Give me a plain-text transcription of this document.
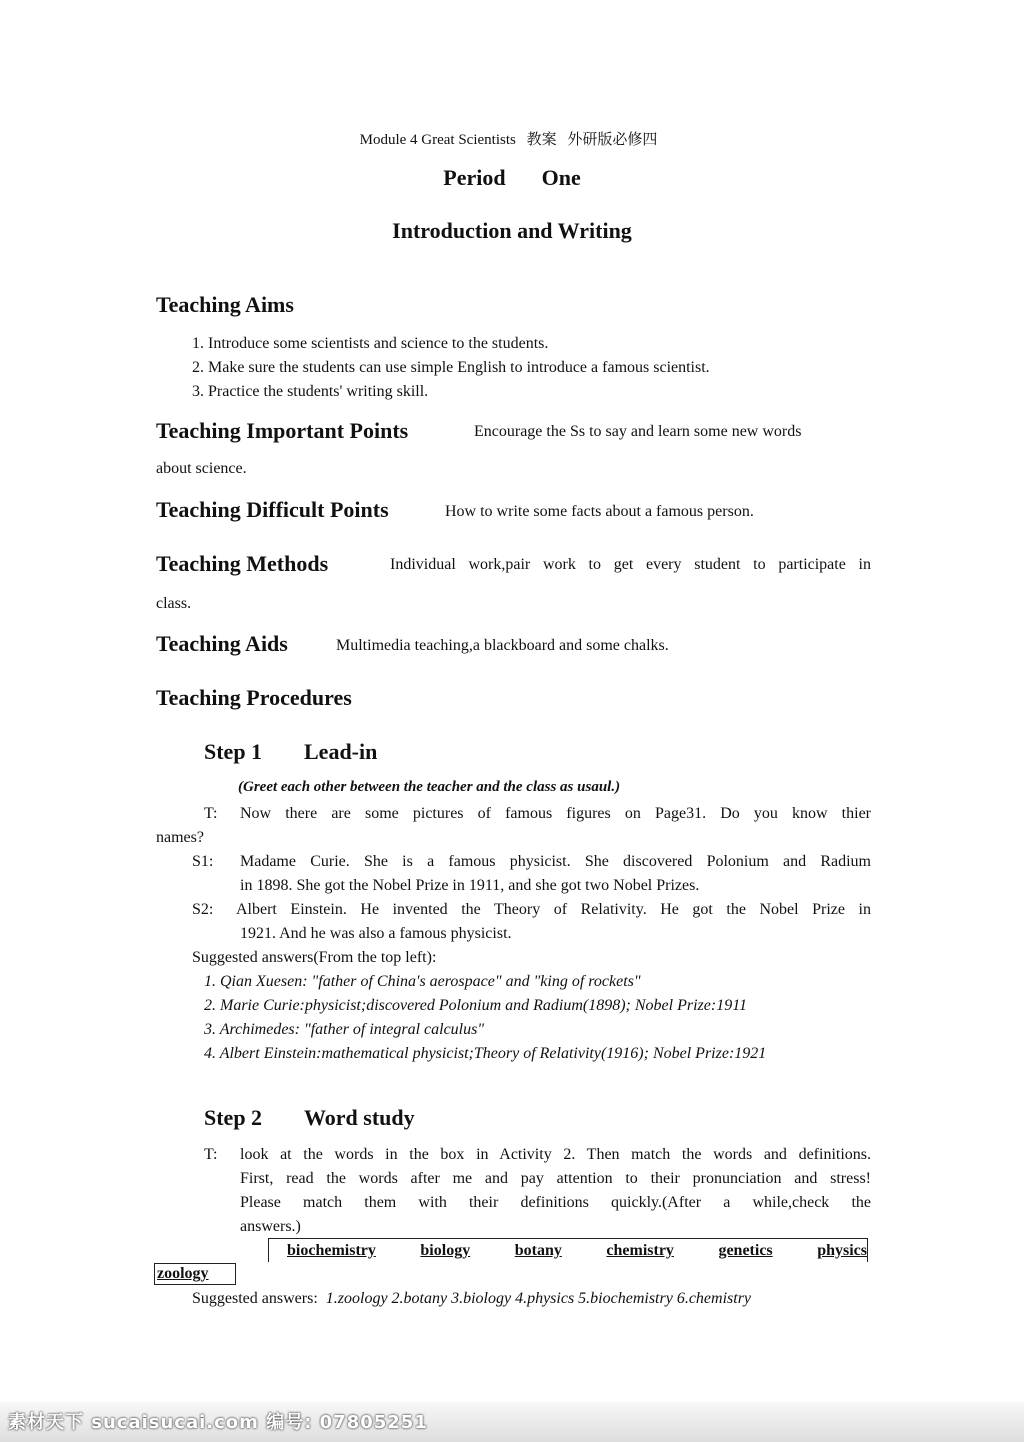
Module 4 Great Scientists 教案 外研版必修四
Period One
Introduction and Writing
Teaching Aims
1. Introduce some scientists and science to the students.
2. Make sure the students can use simple English to introduce a famous scientist.
3. Practice the students' writing skill.
Teaching Important Points	Encourage the Ss to say and learn some new words
about science.
Teaching Difficult Points	How to write some facts about a famous person.
Teaching Methods	Individual work,pair work to get every student to participate in
class.
Teaching Aids	Multimedia teaching,a blackboard and some chalks.
Teaching Procedures
Step 1 Lead-in
(Greet each other between the teacher and the class as usaul.)
T: Now there are some pictures of famous figures on Page31. Do you know thier
names?
S1: Madame Curie. She is a famous physicist. She discovered Polonium and Radium
in 1898. She got the Nobel Prize in 1911, and she got two Nobel Prizes.
S2: Albert Einstein. He invented the Theory of Relativity. He got the Nobel Prize in
1921. And he was also a famous physicist.
Suggested answers(From the top left):
1. Qian Xuesen: "father of China's aerospace" and "king of rockets"
2. Marie Curie:physicist;discovered Polonium and Radium(1898); Nobel Prize:1911
3. Archimedes: "father of integral calculus"
4. Albert Einstein:mathematical physicist;Theory of Relativity(1916); Nobel Prize:1921
Step 2 Word study
T: look at the words in the box in Activity 2. Then match the words and definitions.
First, read the words after me and pay attention to their pronunciation and stress!
Please match them with their definitions quickly.(After a while,check the
answers.)
biochemistry	biology	botany	chemistry	genetics	physics
zoology
Suggested answers: 1.zoology 2.botany 3.biology 4.physics 5.biochemistry 6.chemistry
素材天下 sucaisucai.com 编号: 07805251
